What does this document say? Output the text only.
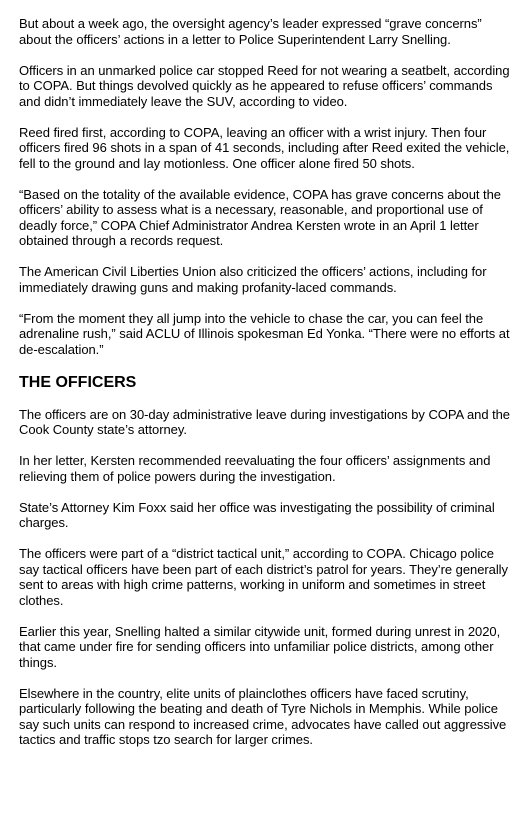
But about a week ago, the oversight agency’s leader expressed “grave concerns” about the officers’ actions in a letter to Police Superintendent Larry Snelling.

Officers in an unmarked police car stopped Reed for not wearing a seatbelt, according to COPA. But things devolved quickly as he appeared to refuse officers’ commands and didn’t immediately leave the SUV, according to video.

Reed fired first, according to COPA, leaving an officer with a wrist injury. Then four officers fired 96 shots in a span of 41 seconds, including after Reed exited the vehicle, fell to the ground and lay motionless. One officer alone fired 50 shots.

“Based on the totality of the available evidence, COPA has grave concerns about the officers’ ability to assess what is a necessary, reasonable, and proportional use of deadly force,” COPA Chief Administrator Andrea Kersten wrote in an April 1 letter obtained through a records request.

The American Civil Liberties Union also criticized the officers’ actions, including for immediately drawing guns and making profanity-laced commands.

“From the moment they all jump into the vehicle to chase the car, you can feel the adrenaline rush,” said ACLU of Illinois spokesman Ed Yonka. “There were no efforts at de-escalation.”

THE OFFICERS

The officers are on 30-day administrative leave during investigations by COPA and the Cook County state’s attorney.

In her letter, Kersten recommended reevaluating the four officers’ assignments and relieving them of police powers during the investigation.

State’s Attorney Kim Foxx said her office was investigating the possibility of criminal charges.

The officers were part of a “district tactical unit,” according to COPA. Chicago police say tactical officers have been part of each district’s patrol for years. They’re generally sent to areas with high crime patterns, working in uniform and sometimes in street clothes.

Earlier this year, Snelling halted a similar citywide unit, formed during unrest in 2020, that came under fire for sending officers into unfamiliar police districts, among other things.

Elsewhere in the country, elite units of plainclothes officers have faced scrutiny, particularly following the beating and death of Tyre Nichols in Memphis. While police say such units can respond to increased crime, advocates have called out aggressive tactics and traffic stops tzo search for larger crimes.
